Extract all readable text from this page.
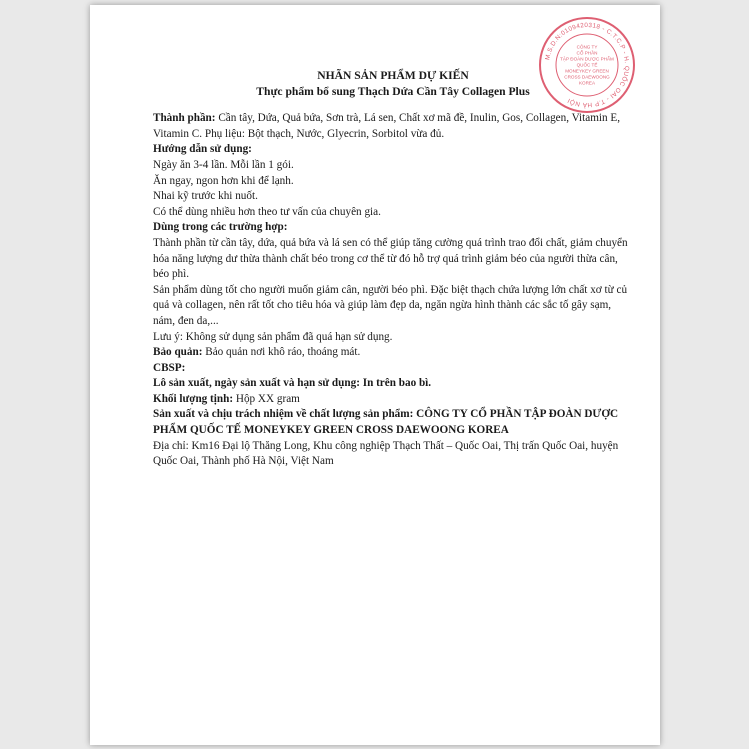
M.S.D.N:0109420318 - C.T.C.P - H. QUỐC OAI - T.P HÀ NỘI
CÔNG TY
CỔ PHẦN
TẬP ĐOÀN DƯỢC PHẨM
QUỐC TẾ
MONEYKEY GREEN
CROSS DAEWOONG
KOREA

NHÃN SẢN PHẨM DỰ KIẾN

Thực phẩm bổ sung Thạch Dứa Cần Tây Collagen Plus

Thành phần: Cần tây, Dứa, Quả bứa, Sơn trà, Lá sen, Chất xơ mã đề, Inulin, Gos, Collagen, Vitamin E, Vitamin C. Phụ liệu: Bột thạch, Nước, Glyecrin, Sorbitol vừa đủ.

Hướng dẫn sử dụng:

Ngày ăn 3-4 lần. Mỗi lần 1 gói.

Ăn ngay, ngon hơn khi để lạnh.

Nhai kỹ trước khi nuốt.

Có thể dùng nhiều hơn theo tư vấn của chuyên gia.

Dùng trong các trường hợp:

Thành phần từ cần tây, dứa, quả bứa và lá sen có thể giúp tăng cường quá trình trao đổi chất, giảm chuyển hóa năng lượng dư thừa thành chất béo trong cơ thể từ đó hỗ trợ quá trình giảm béo của người thừa cân, béo phì.

Sản phẩm dùng tốt cho người muốn giảm cân, người béo phì. Đặc biệt thạch chứa lượng lớn chất xơ từ củ quả và collagen, nên rất tốt cho tiêu hóa và giúp làm đẹp da, ngăn ngừa hình thành các sắc tố gây sạm, nám, đen da,...

Lưu ý: Không sử dụng sản phẩm đã quá hạn sử dụng.

Bảo quản: Bảo quản nơi khô ráo, thoáng mát.

CBSP:

Lô sản xuất, ngày sản xuất và hạn sử dụng: In trên bao bì.

Khối lượng tịnh: Hộp XX gram

Sản xuất và chịu trách nhiệm về chất lượng sản phẩm: CÔNG TY CỔ PHẦN TẬP ĐOÀN DƯỢC PHẨM QUỐC TẾ MONEYKEY GREEN CROSS DAEWOONG KOREA

Địa chỉ: Km16 Đại lộ Thăng Long, Khu công nghiệp Thạch Thất – Quốc Oai, Thị trấn Quốc Oai, huyện Quốc Oai, Thành phố Hà Nội, Việt Nam
